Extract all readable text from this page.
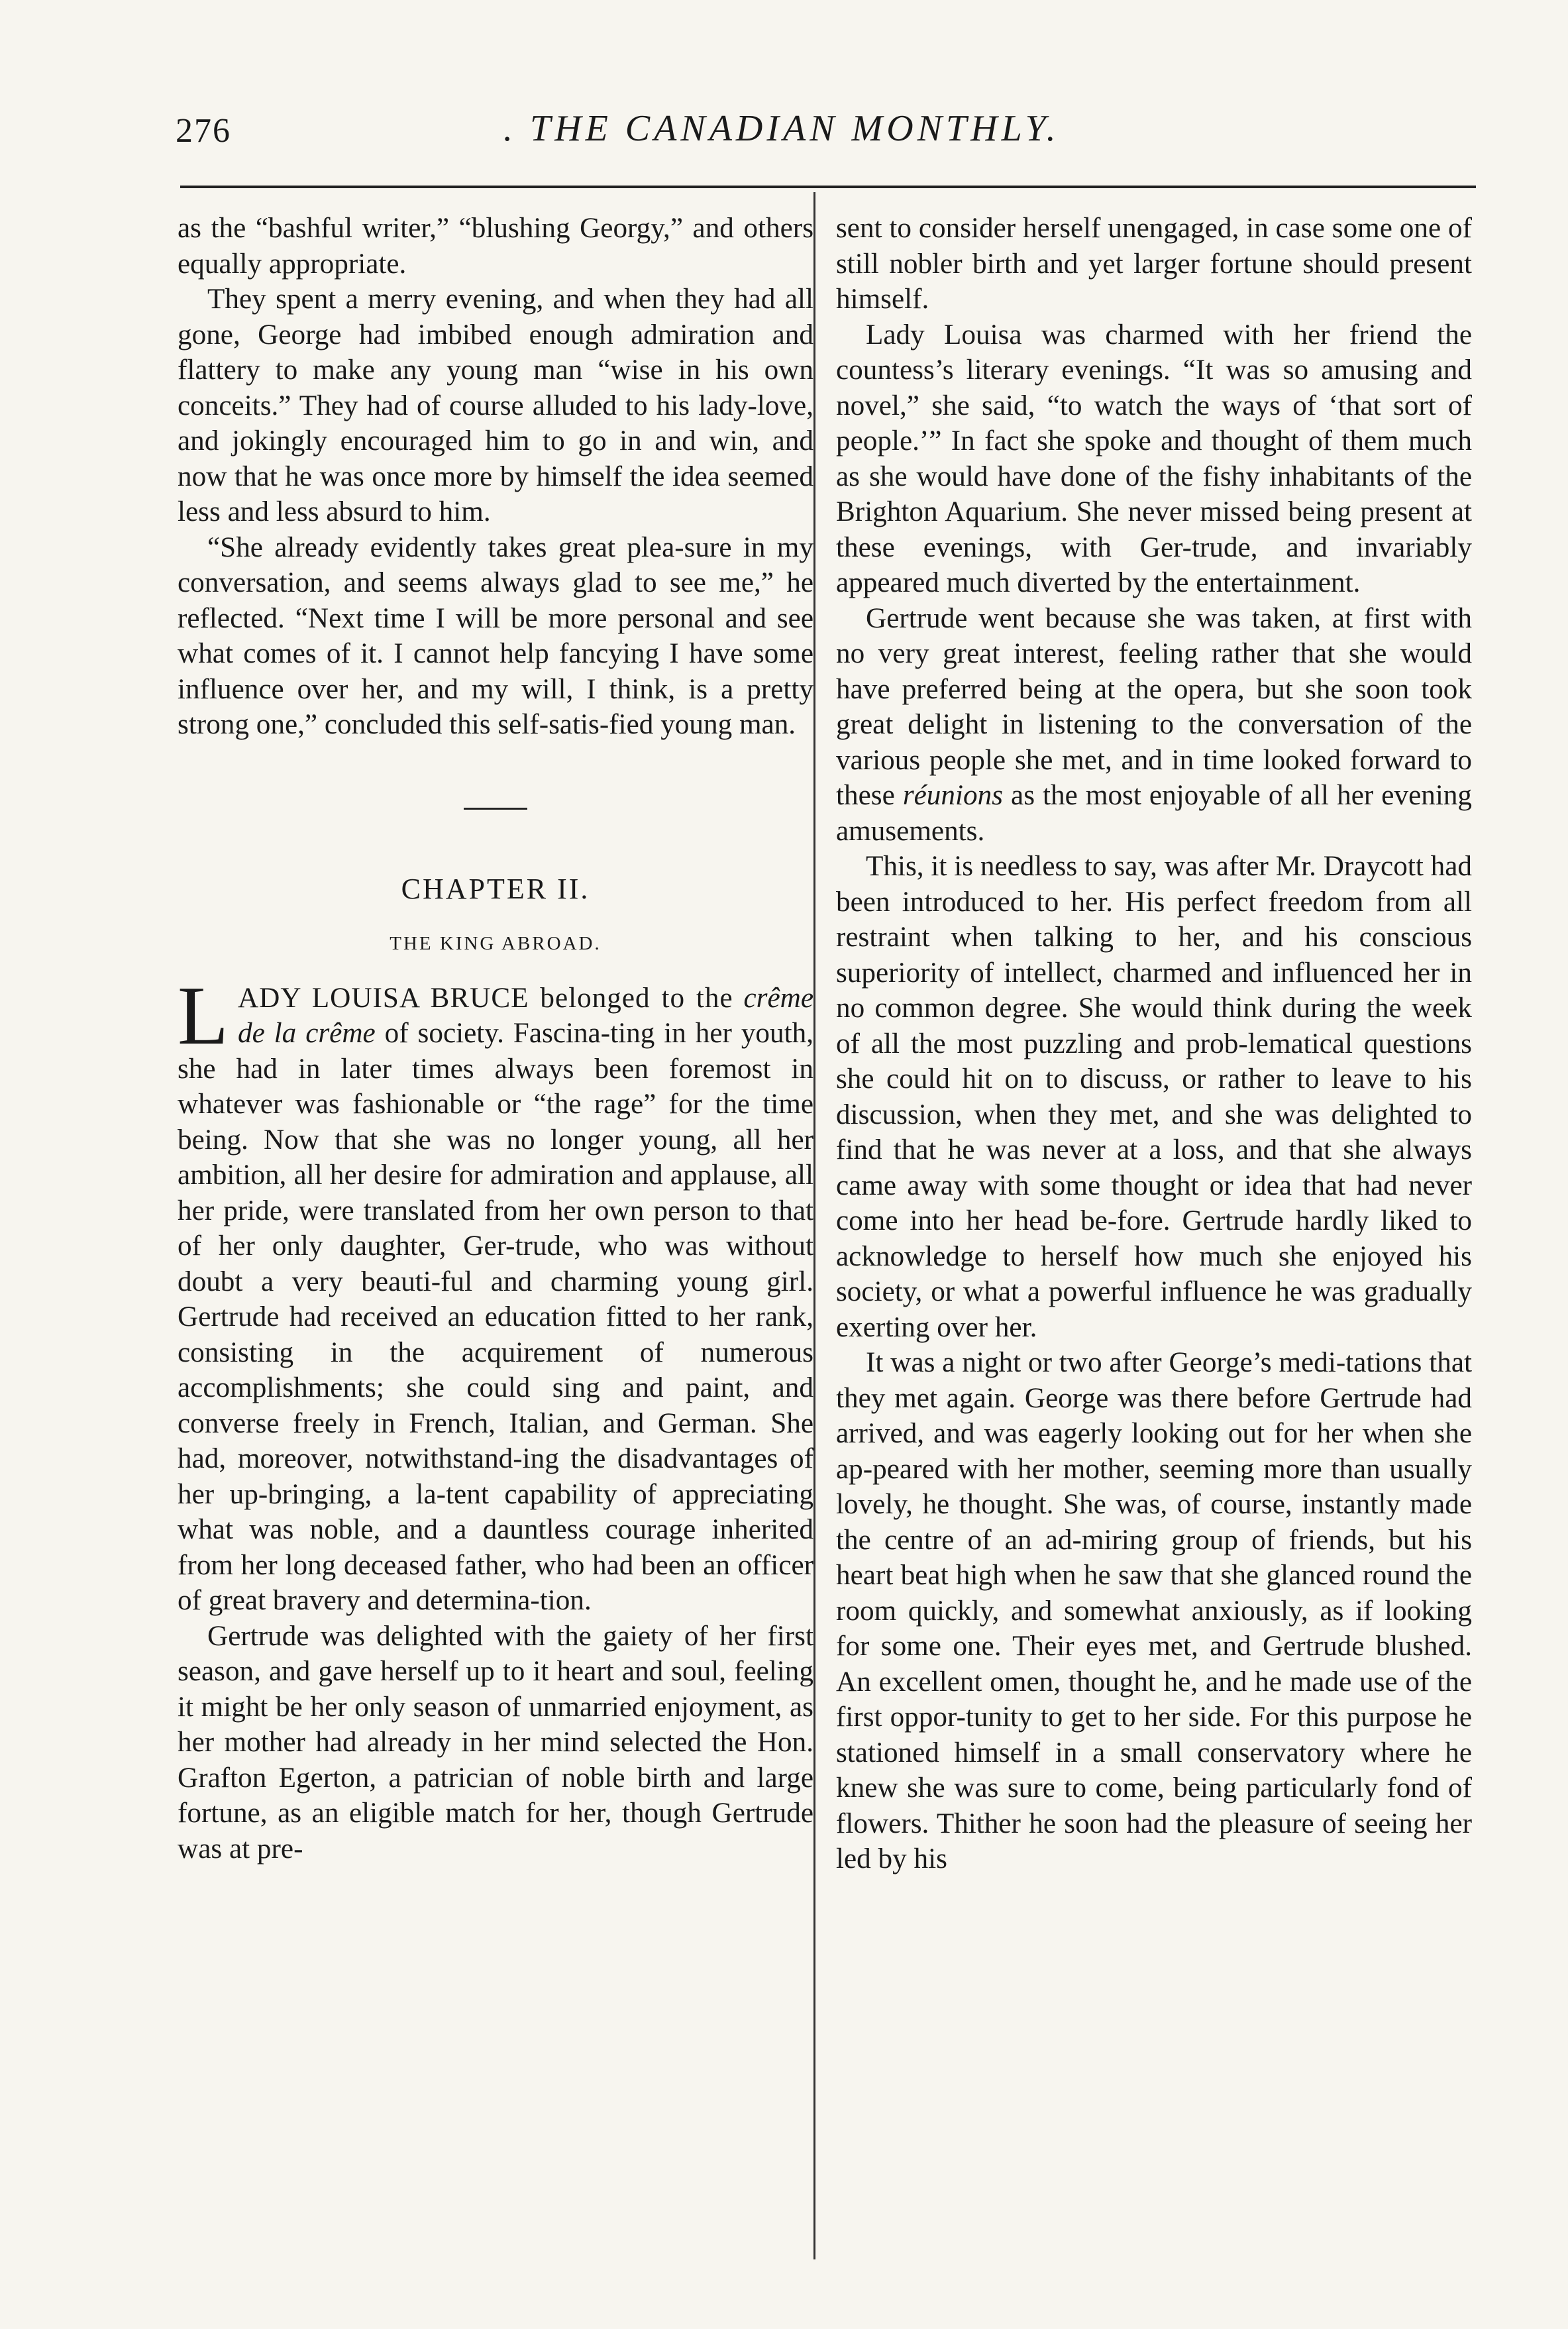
276	. THE CANADIAN MONTHLY.

as the “bashful writer,” “blushing Georgy,” and others equally appropriate.

They spent a merry evening, and when they had all gone, George had imbibed enough admiration and flattery to make any young man “wise in his own conceits.” They had of course alluded to his lady-love, and jokingly encouraged him to go in and win, and now that he was once more by himself the idea seemed less and less absurd to him.

“She already evidently takes great plea-sure in my conversation, and seems always glad to see me,” he reflected. “Next time I will be more personal and see what comes of it. I cannot help fancying I have some influence over her, and my will, I think, is a pretty strong one,” concluded this self-satis-fied young man.

CHAPTER II.
THE KING ABROAD.

LADY LOUISA BRUCE belonged to the crême de la crême of society. Fascina-ting in her youth, she had in later times always been foremost in whatever was fashionable or “the rage” for the time being. Now that she was no longer young, all her ambition, all her desire for admiration and applause, all her pride, were translated from her own person to that of her only daughter, Ger-trude, who was without doubt a very beauti-ful and charming young girl. Gertrude had received an education fitted to her rank, consisting in the acquirement of numerous accomplishments; she could sing and paint, and converse freely in French, Italian, and German. She had, moreover, notwithstand-ing the disadvantages of her up-bringing, a la-tent capability of appreciating what was noble, and a dauntless courage inherited from her long deceased father, who had been an officer of great bravery and determina-tion.

Gertrude was delighted with the gaiety of her first season, and gave herself up to it heart and soul, feeling it might be her only season of unmarried enjoyment, as her mother had already in her mind selected the Hon. Grafton Egerton, a patrician of noble birth and large fortune, as an eligible match for her, though Gertrude was at pre-

sent to consider herself unengaged, in case some one of still nobler birth and yet larger fortune should present himself.

Lady Louisa was charmed with her friend the countess’s literary evenings. “It was so amusing and novel,” she said, “to watch the ways of ‘that sort of people.’” In fact she spoke and thought of them much as she would have done of the fishy inhabitants of the Brighton Aquarium. She never missed being present at these evenings, with Ger-trude, and invariably appeared much diverted by the entertainment.

Gertrude went because she was taken, at first with no very great interest, feeling rather that she would have preferred being at the opera, but she soon took great delight in listening to the conversation of the various people she met, and in time looked forward to these réunions as the most enjoyable of all her evening amusements.

This, it is needless to say, was after Mr. Draycott had been introduced to her. His perfect freedom from all restraint when talking to her, and his conscious superiority of intellect, charmed and influenced her in no common degree. She would think during the week of all the most puzzling and prob-lematical questions she could hit on to discuss, or rather to leave to his discussion, when they met, and she was delighted to find that he was never at a loss, and that she always came away with some thought or idea that had never come into her head be-fore. Gertrude hardly liked to acknowledge to herself how much she enjoyed his society, or what a powerful influence he was gradually exerting over her.

It was a night or two after George’s medi-tations that they met again. George was there before Gertrude had arrived, and was eagerly looking out for her when she ap-peared with her mother, seeming more than usually lovely, he thought. She was, of course, instantly made the centre of an ad-miring group of friends, but his heart beat high when he saw that she glanced round the room quickly, and somewhat anxiously, as if looking for some one. Their eyes met, and Gertrude blushed. An excellent omen, thought he, and he made use of the first oppor-tunity to get to her side. For this purpose he stationed himself in a small conservatory where he knew she was sure to come, being particularly fond of flowers. Thither he soon had the pleasure of seeing her led by his
